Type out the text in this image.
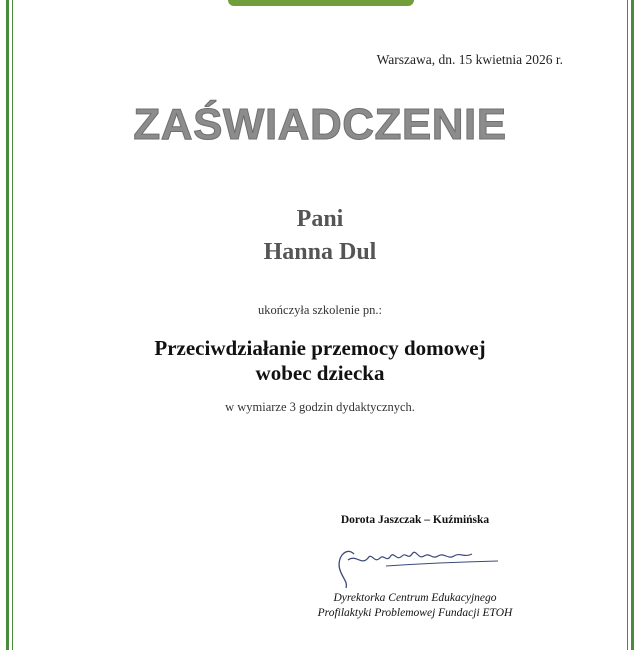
Warszawa, dn. 15 kwietnia 2026 r.
ZAŚWIADCZENIE
Pani
Hanna Dul
ukończyła szkolenie pn.:
Przeciwdziałanie przemocy domowej
wobec dziecka
w wymiarze 3 godzin dydaktycznych.
Dorota Jaszczak – Kuźmińska
Dyrektorka Centrum Edukacyjnego
Profilaktyki Problemowej Fundacji ETOH
